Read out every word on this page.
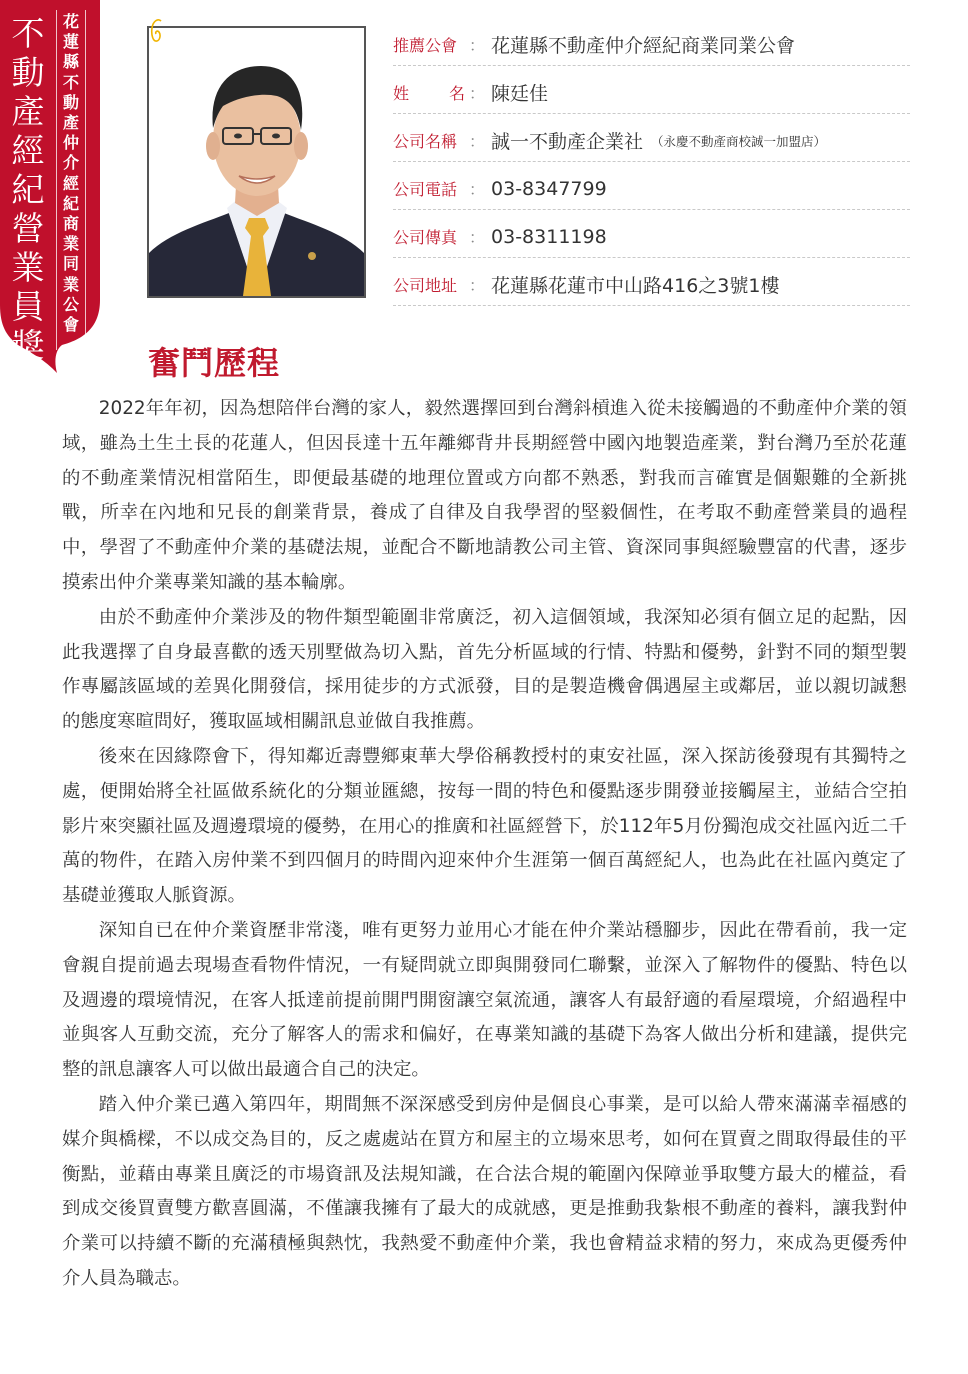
不
動
產
經
紀
營
業
員
獎
花
蓮
縣
不
動
產
仲
介
經
紀
商
業
同
業
公
會
推薦公會 ： 花蓮縣不動產仲介經紀商業同業公會
姓 名 ： 陳廷佳
公司名稱 ： 誠一不動產企業社 （永慶不動產商校誠一加盟店）
公司電話 ： 03-8347799
公司傳真 ： 03-8311198
公司地址 ： 花蓮縣花蓮市中山路416之3號1樓
奮鬥歷程

2022年年初，因為想陪伴台灣的家人，毅然選擇回到台灣斜槓進入從未接觸過的不動產仲介業的領域，雖為土生土長的花蓮人，但因長達十五年離鄉背井長期經營中國內地製造產業，對台灣乃至於花蓮的不動產業情況相當陌生，即便最基礎的地理位置或方向都不熟悉，對我而言確實是個艱難的全新挑戰，所幸在內地和兄長的創業背景，養成了自律及自我學習的堅毅個性，在考取不動產營業員的過程中，學習了不動產仲介業的基礎法規，並配合不斷地請教公司主管、資深同事與經驗豐富的代書，逐步摸索出仲介業專業知識的基本輪廓。

由於不動產仲介業涉及的物件類型範圍非常廣泛，初入這個領域，我深知必須有個立足的起點，因此我選擇了自身最喜歡的透天別墅做為切入點，首先分析區域的行情、特點和優勢，針對不同的類型製作專屬該區域的差異化開發信，採用徒步的方式派發，目的是製造機會偶遇屋主或鄰居，並以親切誠懇的態度寒暄問好，獲取區域相關訊息並做自我推薦。

後來在因緣際會下，得知鄰近壽豐鄉東華大學俗稱教授村的東安社區，深入探訪後發現有其獨特之處，便開始將全社區做系統化的分類並匯總，按每一間的特色和優點逐步開發並接觸屋主，並結合空拍影片來突顯社區及週邊環境的優勢，在用心的推廣和社區經營下，於112年5月份獨泡成交社區內近二千萬的物件，在踏入房仲業不到四個月的時間內迎來仲介生涯第一個百萬經紀人，也為此在社區內奠定了基礎並獲取人脈資源。

深知自已在仲介業資歷非常淺，唯有更努力並用心才能在仲介業站穩腳步，因此在帶看前，我一定會親自提前過去現場查看物件情況，一有疑問就立即與開發同仁聯繫，並深入了解物件的優點、特色以及週邊的環境情況，在客人抵達前提前開門開窗讓空氣流通，讓客人有最舒適的看屋環境，介紹過程中並與客人互動交流，充分了解客人的需求和偏好，在專業知識的基礎下為客人做出分析和建議，提供完整的訊息讓客人可以做出最適合自己的決定。

踏入仲介業已邁入第四年，期間無不深深感受到房仲是個良心事業，是可以給人帶來滿滿幸福感的媒介與橋樑，不以成交為目的，反之處處站在買方和屋主的立場來思考，如何在買賣之間取得最佳的平衡點，並藉由專業且廣泛的市場資訊及法規知識，在合法合規的範圍內保障並爭取雙方最大的權益，看到成交後買賣雙方歡喜圓滿，不僅讓我擁有了最大的成就感，更是推動我紮根不動產的養料，讓我對仲介業可以持續不斷的充滿積極與熱忱，我熱愛不動產仲介業，我也會精益求精的努力，來成為更優秀仲介人員為職志。
